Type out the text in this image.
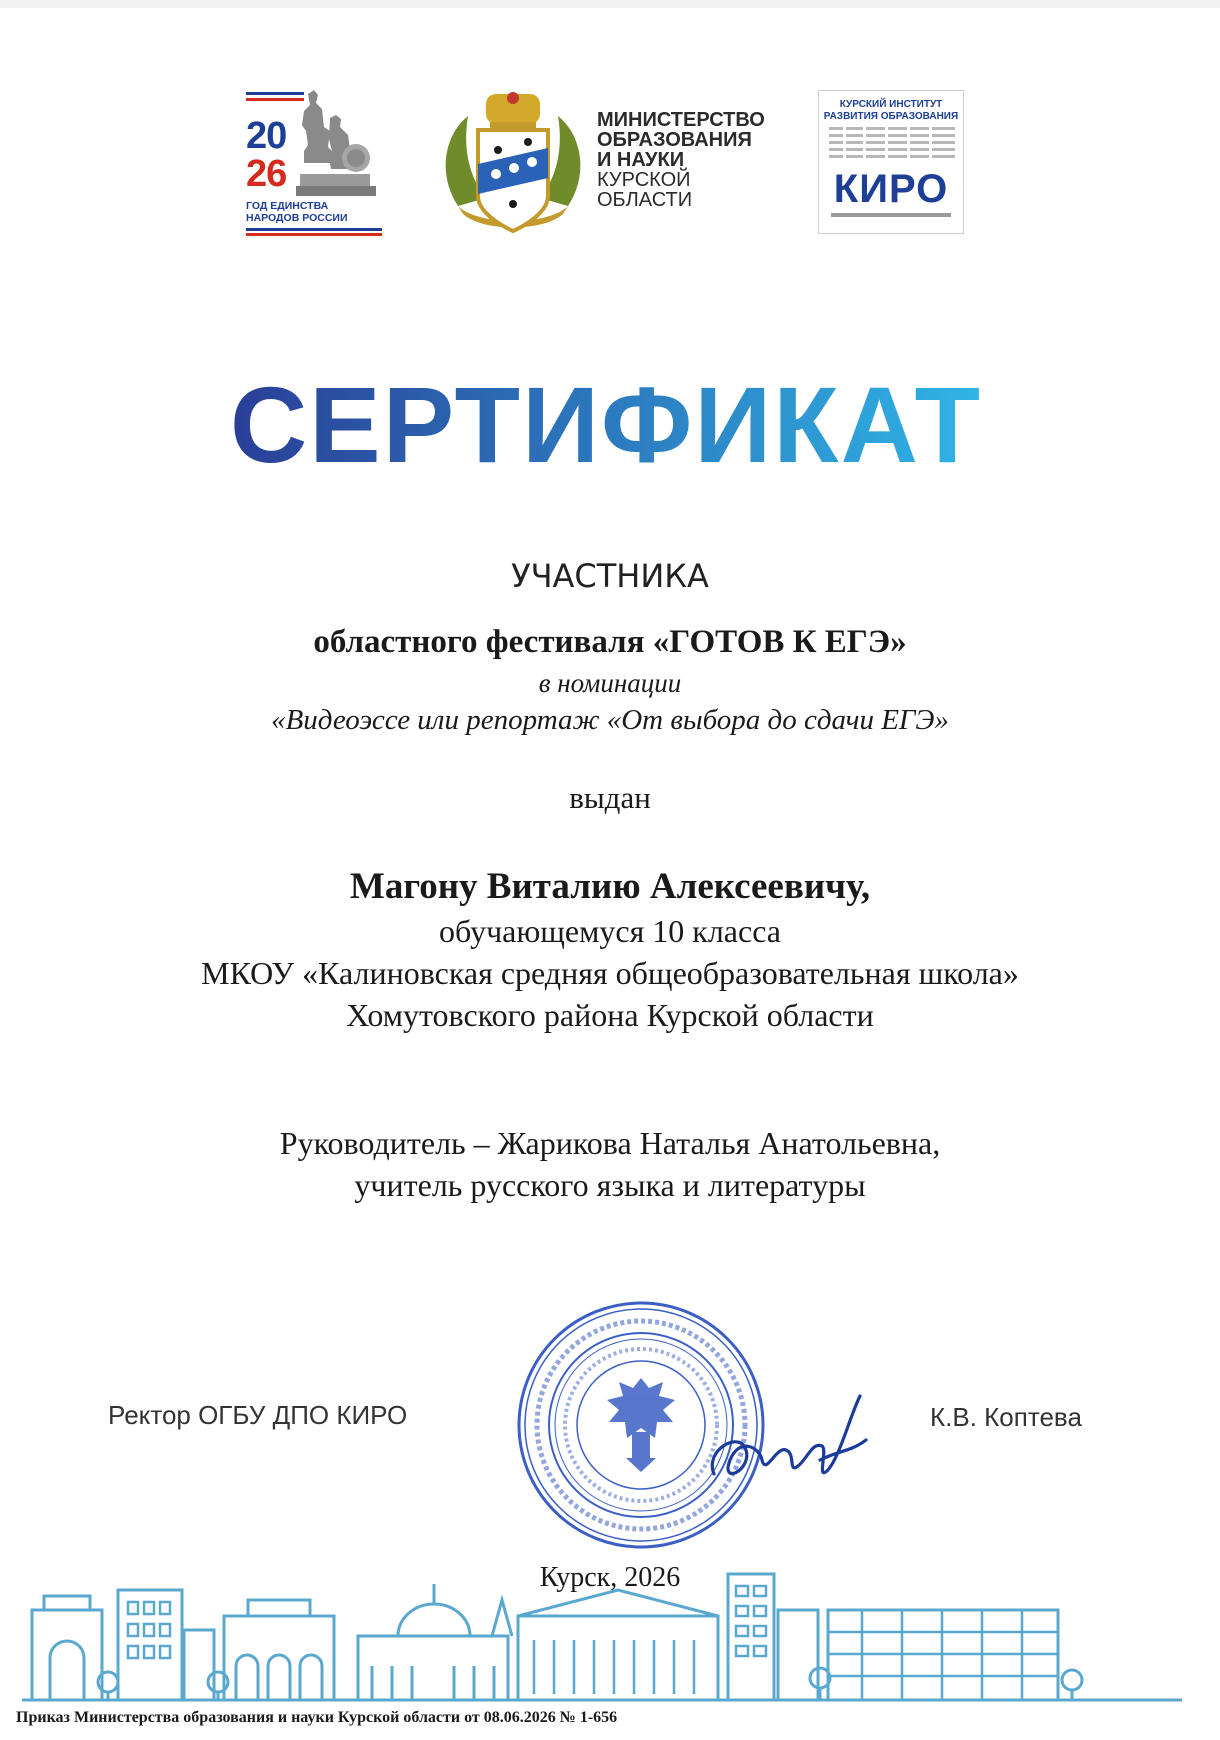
20
26
ГОД ЕДИНСТВА
НАРОДОВ РОССИИ
МИНИСТЕРСТВО
ОБРАЗОВАНИЯ
И НАУКИ
КУРСКОЙ
ОБЛАСТИ
КУРСКИЙ ИНСТИТУТ
РАЗВИТИЯ ОБРАЗОВАНИЯ
КИРО
СЕРТИФИКАТ
УЧАСТНИКА
областного фестиваля «ГОТОВ К ЕГЭ»
в номинации
«Видеоэссе или репортаж «От выбора до сдачи ЕГЭ»
выдан
Магону Виталию Алексеевичу,
обучающемуся 10 класса
МКОУ «Калиновская средняя общеобразовательная школа»
Хомутовского района Курской области
Руководитель – Жарикова Наталья Анатольевна,
учитель русского языка и литературы
Ректор ОГБУ ДПО КИРО	К.В. Коптева
Курск, 2026
Приказ Министерства образования и науки Курской области от 08.06.2026 № 1-656
